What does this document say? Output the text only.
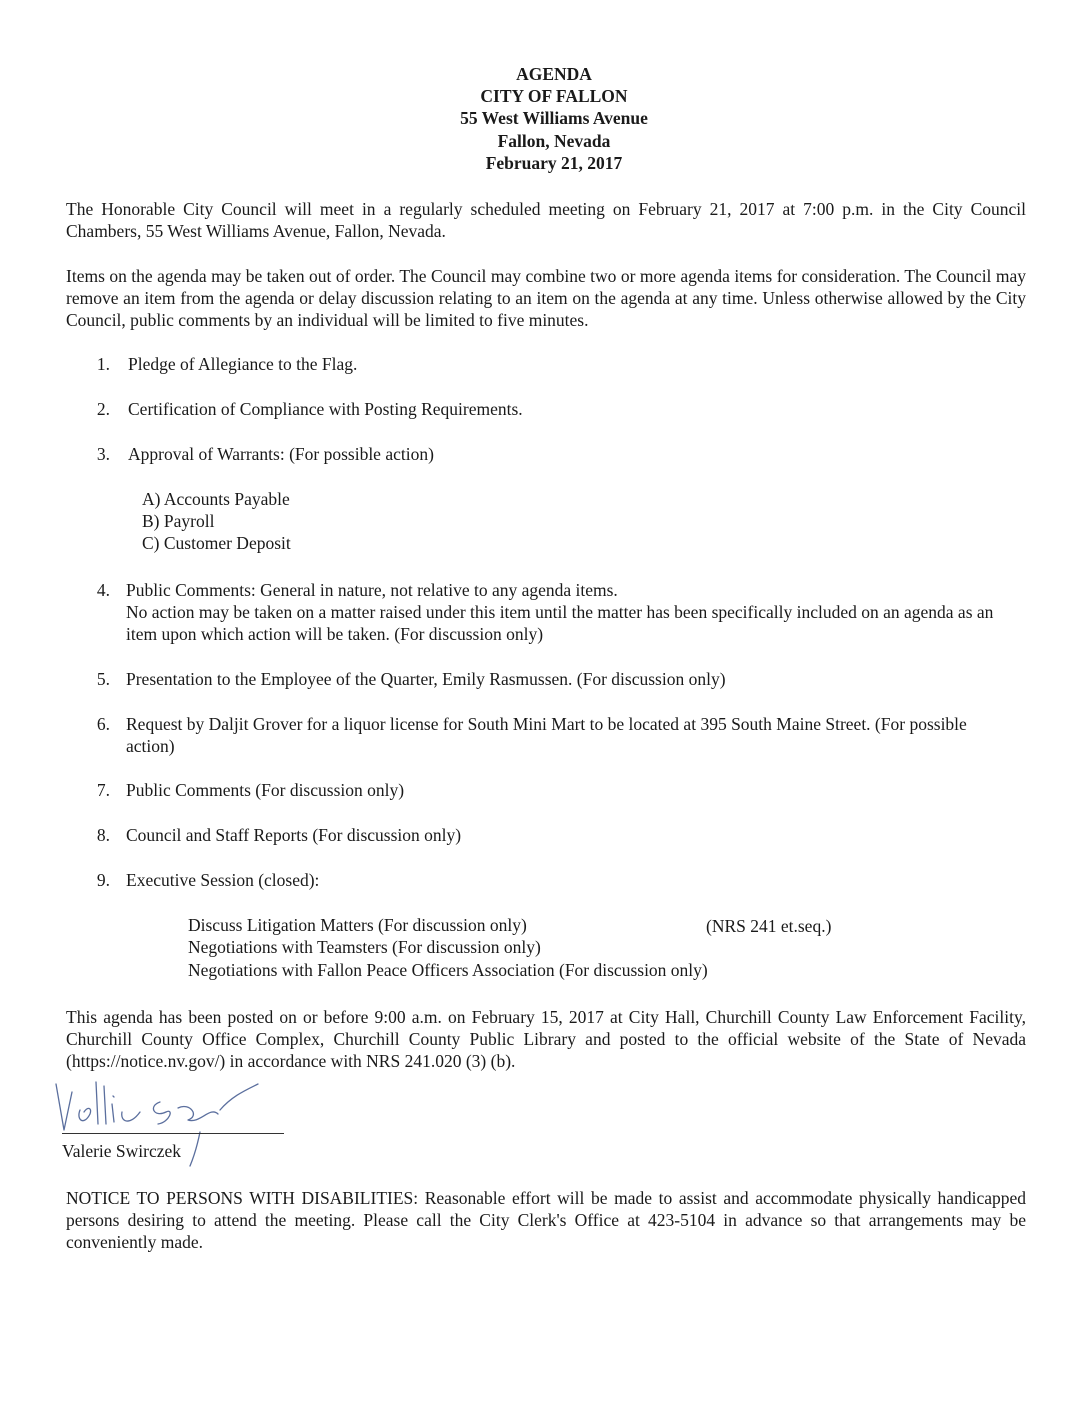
AGENDA
CITY OF FALLON
55 West Williams Avenue
Fallon, Nevada
February 21, 2017

The Honorable City Council will meet in a regularly scheduled meeting on February 21, 2017 at 7:00 p.m. in the City Council Chambers, 55 West Williams Avenue, Fallon, Nevada.

Items on the agenda may be taken out of order. The Council may combine two or more agenda items for consideration. The Council may remove an item from the agenda or delay discussion relating to an item on the agenda at any time. Unless otherwise allowed by the City Council, public comments by an individual will be limited to five minutes.

1. Pledge of Allegiance to the Flag.
2. Certification of Compliance with Posting Requirements.
3. Approval of Warrants: (For possible action)
A) Accounts Payable
B) Payroll
C) Customer Deposit
4. Public Comments: General in nature, not relative to any agenda items.

No action may be taken on a matter raised under this item until the matter has been specifically included on an agenda as an item upon which action will be taken. (For discussion only)

5. Presentation to the Employee of the Quarter, Emily Rasmussen. (For discussion only)
6. Request by Daljit Grover for a liquor license for South Mini Mart to be located at 395 South Maine Street. (For possible action)

7. Public Comments (For discussion only)
8. Council and Staff Reports (For discussion only)
9. Executive Session (closed):
Discuss Litigation Matters (For discussion only)	(NRS 241 et.seq.)
Negotiations with Teamsters (For discussion only)
Negotiations with Fallon Peace Officers Association (For discussion only)

This agenda has been posted on or before 9:00 a.m. on February 15, 2017 at City Hall, Churchill County Law Enforcement Facility, Churchill County Office Complex, Churchill County Public Library and posted to the official website of the State of Nevada (https://notice.nv.gov/) in accordance with NRS 241.020 (3) (b).

Valerie Swirczek

NOTICE TO PERSONS WITH DISABILITIES: Reasonable effort will be made to assist and accommodate physically handicapped persons desiring to attend the meeting. Please call the City Clerk's Office at 423-5104 in advance so that arrangements may be conveniently made.
